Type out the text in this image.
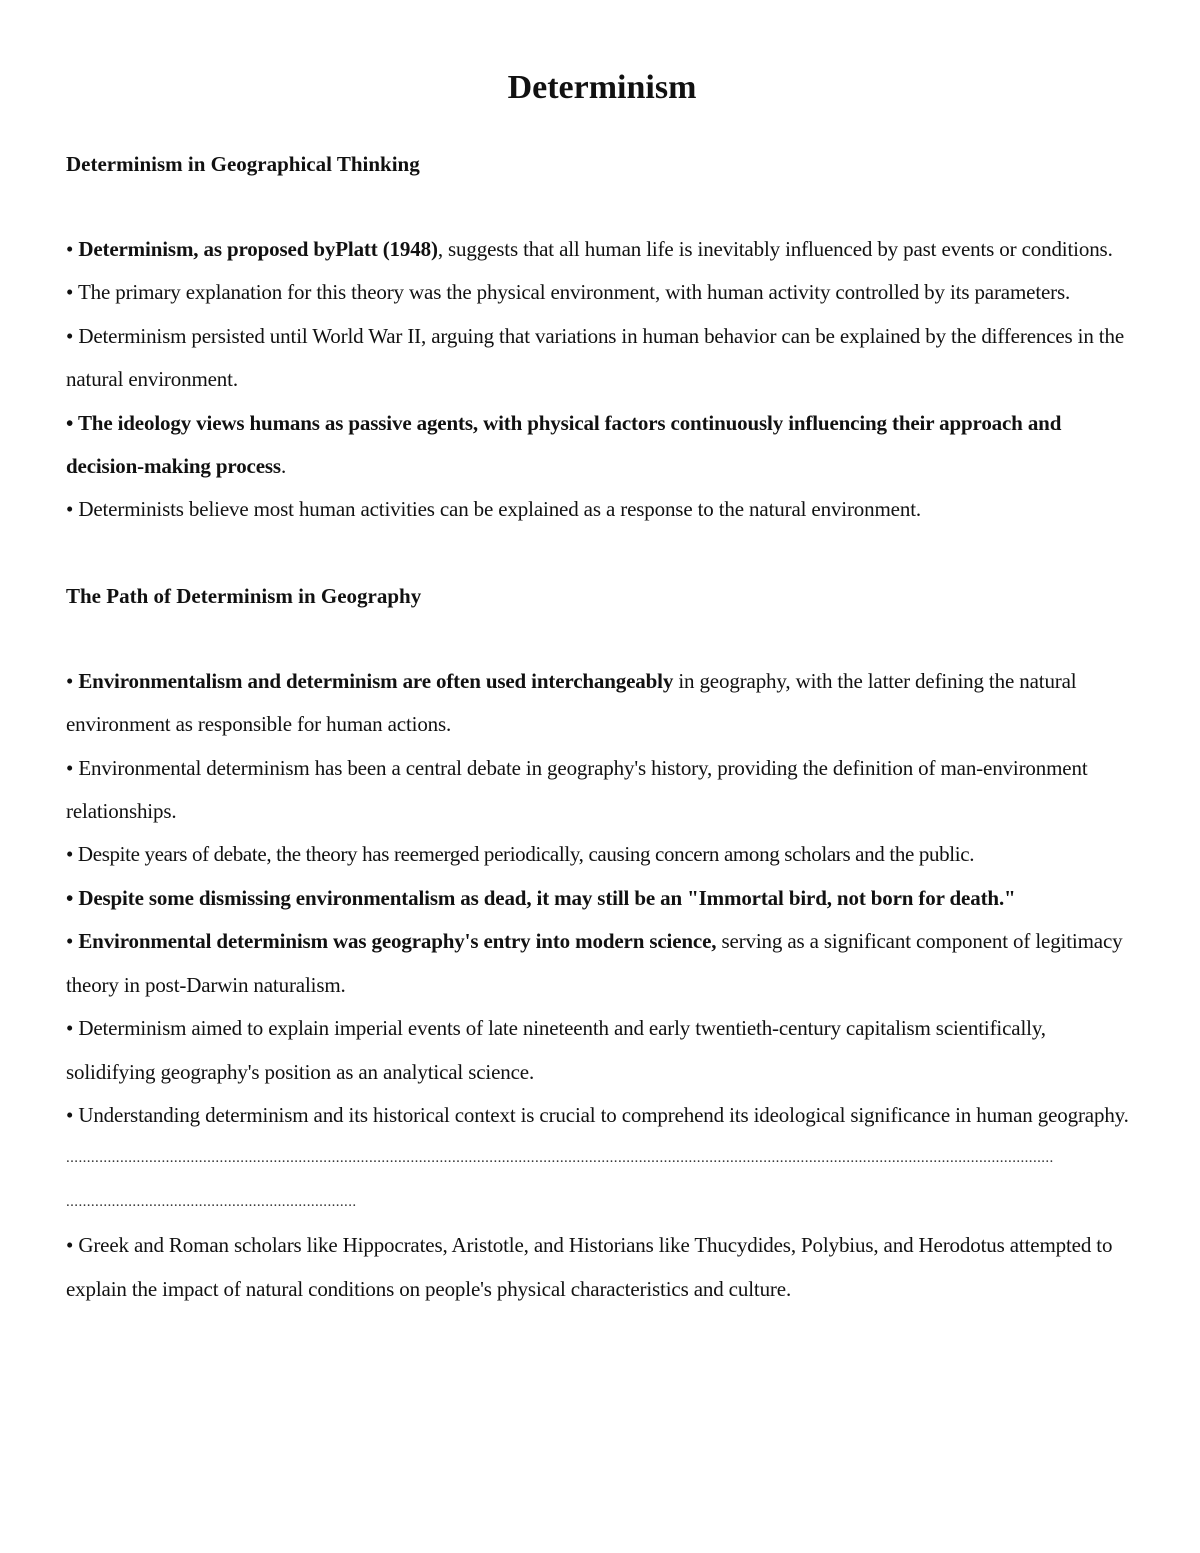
Determinism
Determinism in Geographical Thinking

• Determinism, as proposed byPlatt (1948), suggests that all human life is inevitably influenced by past events or conditions.

• The primary explanation for this theory was the physical environment, with human activity controlled by its parameters.

• Determinism persisted until World War II, arguing that variations in human behavior can be explained by the differences in the natural environment.

• The ideology views humans as passive agents, with physical factors continuously influencing their approach and decision-making process.

• Determinists believe most human activities can be explained as a response to the natural environment.

The Path of Determinism in Geography

• Environmentalism and determinism are often used interchangeably in geography, with the latter defining the natural environment as responsible for human actions.

• Environmental determinism has been a central debate in geography's history, providing the definition of man-environment relationships.

• Despite years of debate, the theory has reemerged periodically, causing concern among scholars and the public.

• Despite some dismissing environmentalism as dead, it may still be an "Immortal bird, not born for death."

• Environmental determinism was geography's entry into modern science, serving as a significant component of legitimacy theory in post-Darwin naturalism.

• Determinism aimed to explain imperial events of late nineteenth and early twentieth-century capitalism scientifically, solidifying geography's position as an analytical science.

• Understanding determinism and its historical context is crucial to comprehend its ideological significance in human geography.

..............................................................................................................................................................................................................................................

......................................................................

• Greek and Roman scholars like Hippocrates, Aristotle, and Historians like Thucydides, Polybius, and Herodotus attempted to explain the impact of natural conditions on people's physical characteristics and culture.
